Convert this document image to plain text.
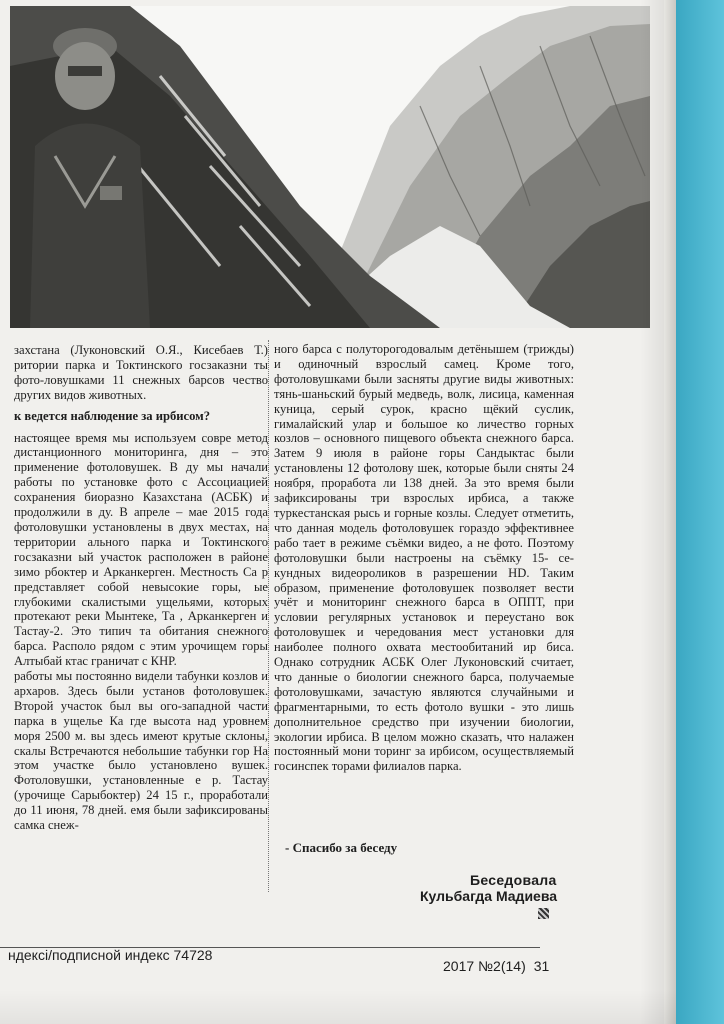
захстана (Луконовский О.Я., Кисебаев Т.) ритории парка и Токтинского госзаказни ты фото-ловушками 11 снежных барсов чество других видов животных.

к ведется наблюдение за ирбисом?

настоящее время мы используем совре метод дистанционного мониторинга, дня – это применение фотоловушек. В ду мы начали работы по установке фото с Ассоциацией сохранения биоразно Казахстана (АСБК) и продолжили в ду. В апреле – мае 2015 года фотоловушки установлены в двух местах, на территории ального парка и Токтинского госзаказни ый участок расположен в районе зимо рбоктер и Арканкерген. Местность Са р представляет собой невысокие горы, ые глубокими скалистыми ущельями, которых протекают реки Мынтеке, Та , Арканкерген и Тастау-2. Это типич та обитания снежного барса. Располо рядом с этим урочищем горы Алтыбай ктас граничат с КНР.

работы мы постоянно видели табунки козлов и архаров. Здесь были установ фотоловушек. Второй участок был вы ого-западной части парка в ущелье Ка где высота над уровнем моря 2500 м. вы здесь имеют крутые склоны, скалы Встречаются небольшие табунки гор На этом участке было установлено вушек. Фотоловушки, установленные е р. Тастау (урочище Сарыбоктер) 24 15 г., проработали до 11 июня, 78 дней. емя были зафиксированы самка снеж-

ного барса с полуторогодовалым детёнышем (трижды) и одиночный взрослый самец. Кроме того, фотоловушками были засняты другие виды животных: тянь-шаньский бурый медведь, волк, лисица, каменная куница, серый сурок, красно щёкий суслик, гималайский улар и большое ко личество горных козлов – основного пищевого объекта снежного барса. Затем 9 июля в районе горы Сандыктас были установлены 12 фотолову шек, которые были сняты 24 ноября, проработа ли 138 дней. За это время были зафиксированы три взрослых ирбиса, а также туркестанская рысь и горные козлы. Следует отметить, что данная модель фотоловушек гораздо эффективнее рабо тает в режиме съёмки видео, а не фото. Поэтому фотоловушки были настроены на съёмку 15- се кундных видеороликов в разрешении HD. Таким образом, применение фотоловушек позволяет вести учёт и мониторинг снежного барса в ОППТ, при условии регулярных установок и переустано вок фотоловушек и чередования мест установки для наиболее полного охвата местообитаний ир биса. Однако сотрудник АСБК Олег Луконовский считает, что данные о биологии снежного барса, получаемые фотоловушками, зачастую являются случайными и фрагментарными, то есть фотоло вушки - это лишь дополнительное средство при изучении биологии, экологии ирбиса. В целом можно сказать, что налажен постоянный мони торинг за ирбисом, осуществляемый госинспек торами филиалов парка.

- Спасибо за беседу
Беседовала
Кульбагда Мадиева
ндексі/подписной индекс 74728
2017 №2(14) 31
